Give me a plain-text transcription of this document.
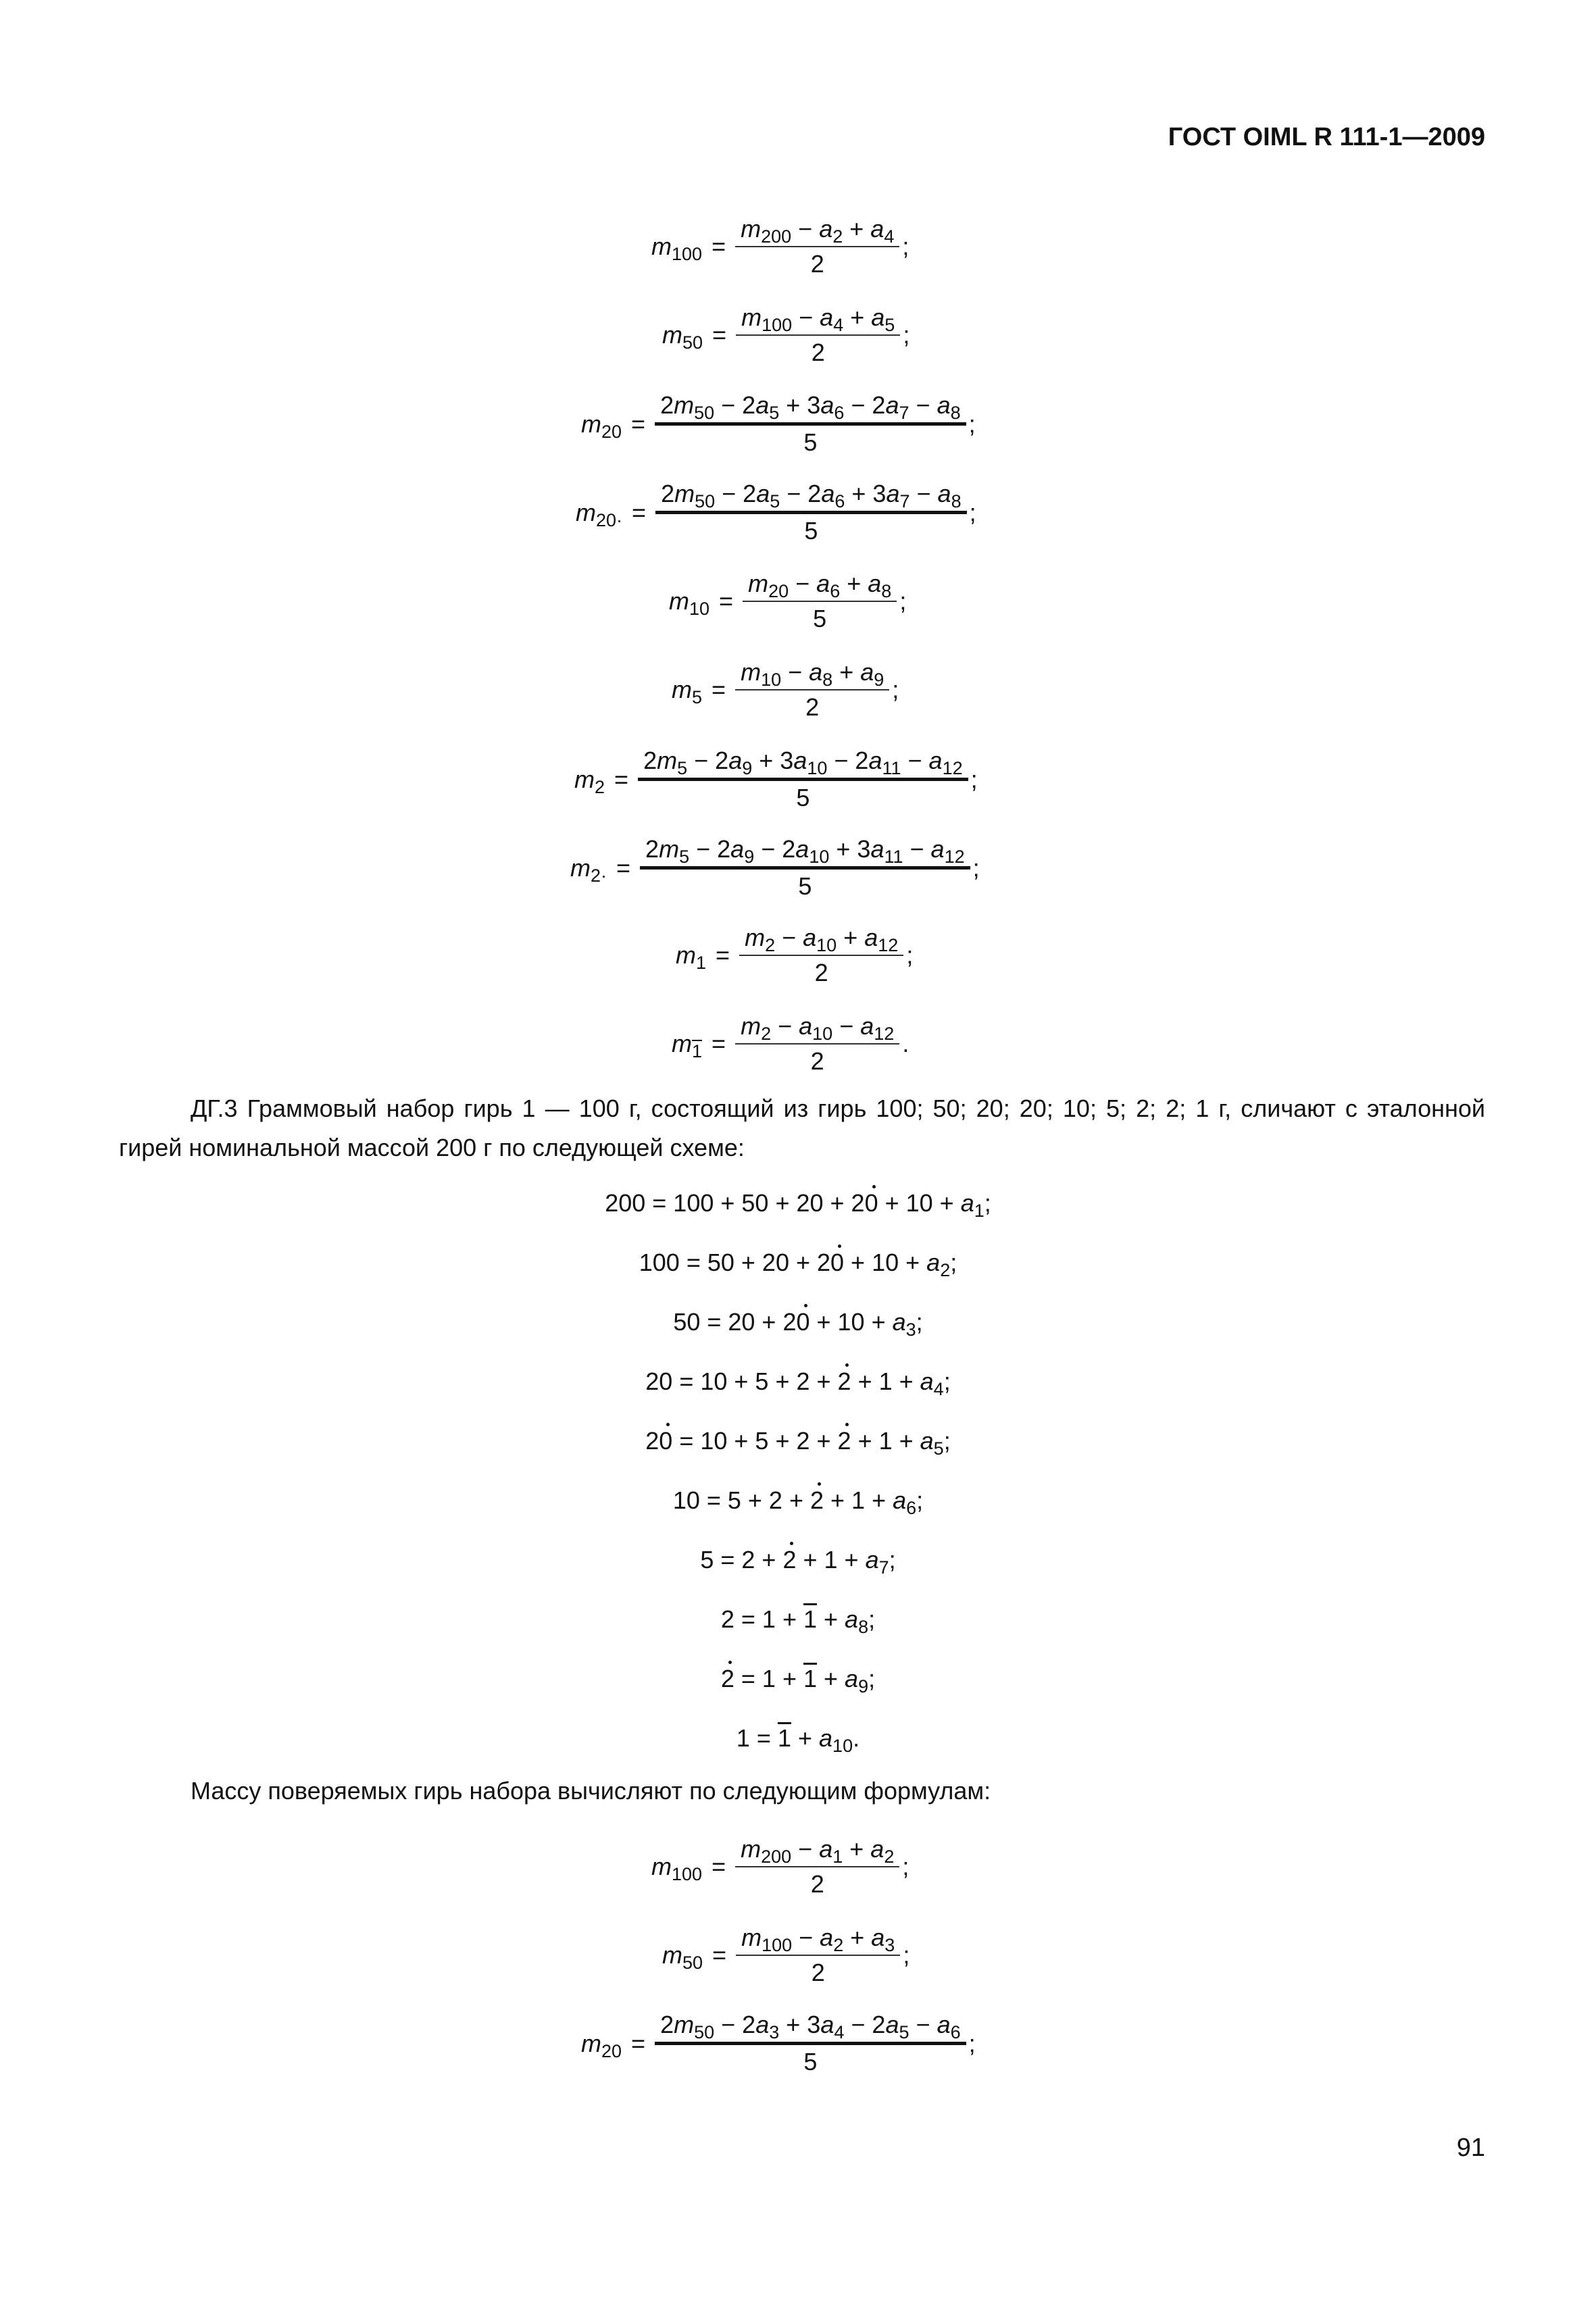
ГОСТ OIML R 111-1—2009
$m_{100} = \frac{m_{200} - a_2 + a_4}{2}$ ;
$m_{50} = \frac{m_{100} - a_4 + a_5}{2}$ ;
$m_{20} = \frac{2m_{50} - 2a_5 + 3a_6 - 2a_7 - a_8}{5}$ ;
$m_{20\cdot} = \frac{2m_{50} - 2a_5 - 2a_6 + 3a_7 - a_8}{5}$ ;
$m_{10} = \frac{m_{20} - a_6 + a_8}{5}$ ;
$m_5 = \frac{m_{10} - a_8 + a_9}{2}$ ;
$m_2 = \frac{2m_5 - 2a_9 + 3a_{10} - 2a_{11} - a_{12}}{5}$ ;
$m_{2\cdot} = \frac{2m_5 - 2a_9 - 2a_{10} + 3a_{11} - a_{12}}{5}$ ;
$m_1 = \frac{m_2 - a_{10} + a_{12}}{2}$ ;
$m_1 = \frac{m_2 - a_{10} - a_{12}}{2}$ .
ДГ.3 Граммовый набор гирь 1 — 100 г, состоящий из гирь 100; 50; 20; 20; 10; 5; 2; 2; 1 г, сличают с эталонной гирей номинальной массой 200 г по следующей схеме:
$200 = 100 + 50 + 20 + 20 + 10 + a_1$;
$100 = 50 + 20 + 20 + 10 + a_2$;
$50 = 20 + 20 + 10 + a_3$;
$20 = 10 + 5 + 2 + 2 + 1 + a_4$;
$20 = 10 + 5 + 2 + 2 + 1 + a_5$;
$10 = 5 + 2 + 2 + 1 + a_6$;
$5 = 2 + 2 + 1 + a_7$;
$2 = 1 + 1 + a_8$;
$2 = 1 + 1 + a_9$;
$1 = 1 + a_{10}$.
Массу поверяемых гирь набора вычисляют по следующим формулам:
$m_{100} = \frac{m_{200} - a_1 + a_2}{2}$ ;
$m_{50} = \frac{m_{100} - a_2 + a_3}{2}$ ;
$m_{20} = \frac{2m_{50} - 2a_3 + 3a_4 - 2a_5 - a_6}{5}$ ;
91
